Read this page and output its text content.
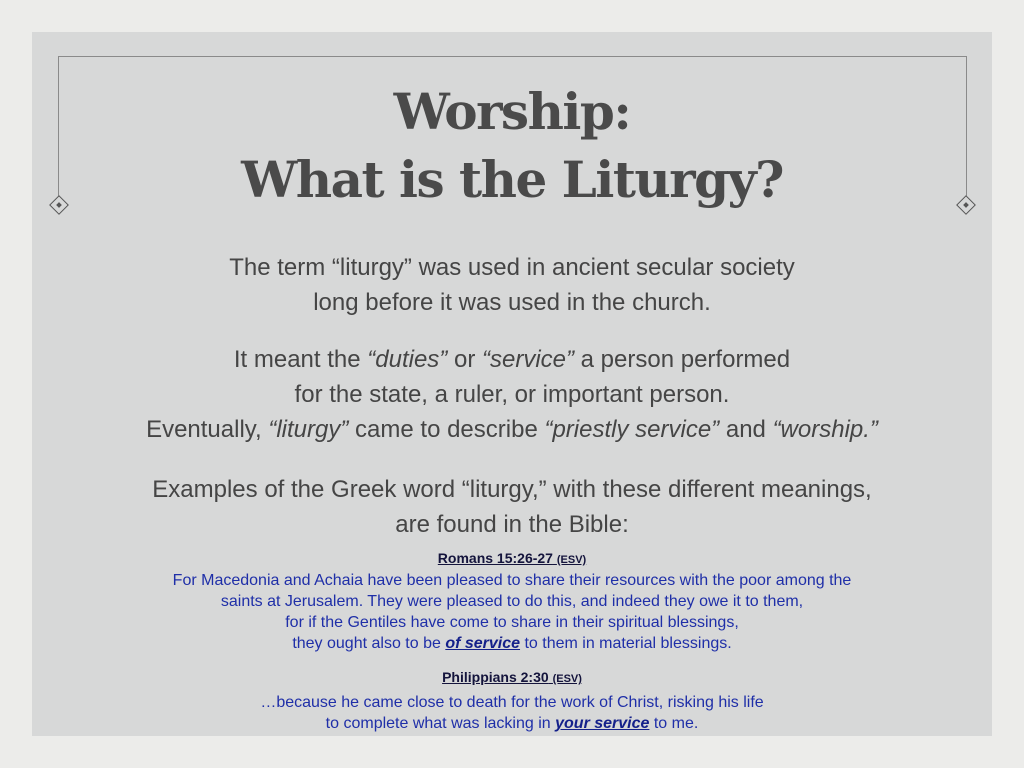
Worship:
What is the Liturgy?
The term “liturgy” was used in ancient secular society
long before it was used in the church.
It meant the “duties” or “service” a person performed
for the state, a ruler, or important person.
Eventually, “liturgy” came to describe “priestly service” and “worship.”
Examples of the Greek word “liturgy,” with these different meanings,
are found in the Bible:
Romans 15:26-27 (ESV)
For Macedonia and Achaia have been pleased to share their resources with the poor among the
saints at Jerusalem. They were pleased to do this, and indeed they owe it to them,
for if the Gentiles have come to share in their spiritual blessings,
they ought also to be of service to them in material blessings.
Philippians 2:30 (ESV)
…because he came close to death for the work of Christ, risking his life
to complete what was lacking in your service to me.
